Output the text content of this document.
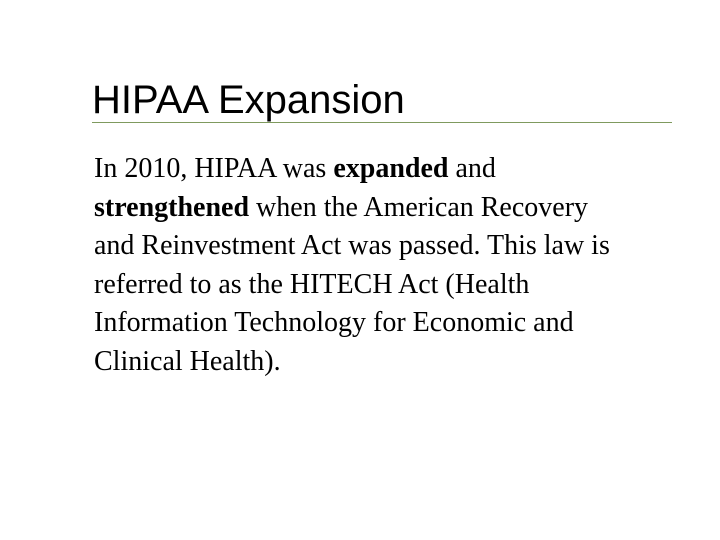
HIPAA Expansion
In 2010, HIPAA was expanded and strengthened when the American Recovery and Reinvestment Act was passed. This law is referred to as the HITECH Act (Health Information Technology for Economic and Clinical Health).
